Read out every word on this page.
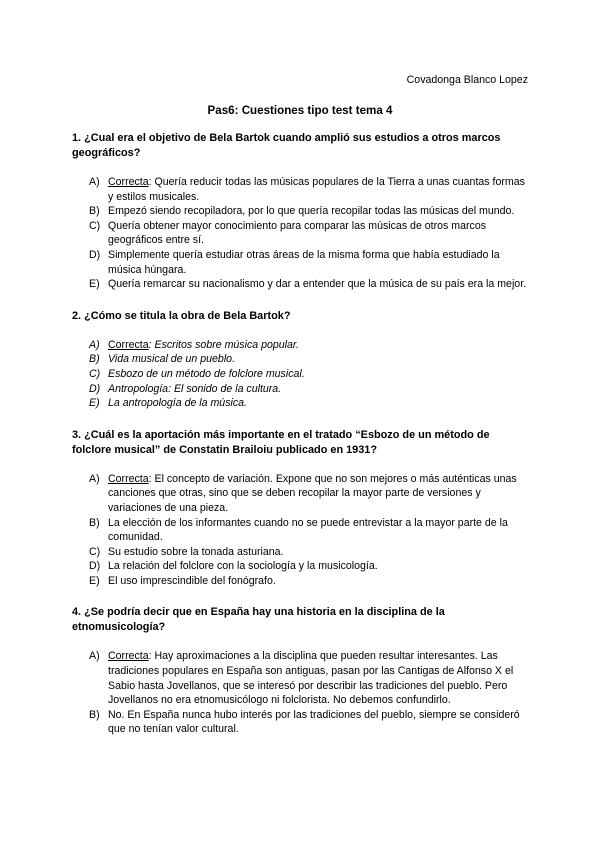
Covadonga Blanco Lopez
Pas6: Cuestiones tipo test tema 4
1. ¿Cual era el objetivo de Bela Bartok cuando amplió sus estudios a otros marcos geográficos?
A) Correcta: Quería reducir todas las músicas populares de la Tierra a unas cuantas formas y estilos musicales.
B) Empezó siendo recopiladora, por lo que quería recopilar todas las músicas del mundo.
C) Quería obtener mayor conocimiento para comparar las músicas de otros marcos geográficos entre sí.
D) Simplemente quería estudiar otras áreas de la misma forma que había estudiado la música húngara.
E) Quería remarcar su nacionalismo y dar a entender que la música de su país era la mejor.
2. ¿Cómo se titula la obra de Bela Bartok?
A) Correcta: Escritos sobre música popular.
B) Vida musical de un pueblo.
C) Esbozo de un método de folclore musical.
D) Antropología: El sonido de la cultura.
E) La antropología de la música.
3. ¿Cuál es la aportación más importante en el tratado “Esbozo de un método de folclore musical” de Constatin Brailoiu publicado en 1931?
A) Correcta: El concepto de variación. Expone que no son mejores o más auténticas unas canciones que otras, sino que se deben recopilar la mayor parte de versiones y variaciones de una pieza.
B) La elección de los informantes cuando no se puede entrevistar a la mayor parte de la comunidad.
C) Su estudio sobre la tonada asturiana.
D) La relación del folclore con la sociología y la musicología.
E) El uso imprescindible del fonógrafo.
4. ¿Se podría decir que en España hay una historia en la disciplina de la etnomusicología?
A) Correcta: Hay aproximaciones a la disciplina que pueden resultar interesantes. Las tradiciones populares en España son antiguas, pasan por las Cantigas de Alfonso X el Sabio hasta Jovellanos, que se interesó por describir las tradiciones del pueblo. Pero Jovellanos no era etnomusicólogo ni folclorista. No debemos confundirlo.
B) No. En España nunca hubo interés por las tradiciones del pueblo, siempre se consideró que no tenían valor cultural.
